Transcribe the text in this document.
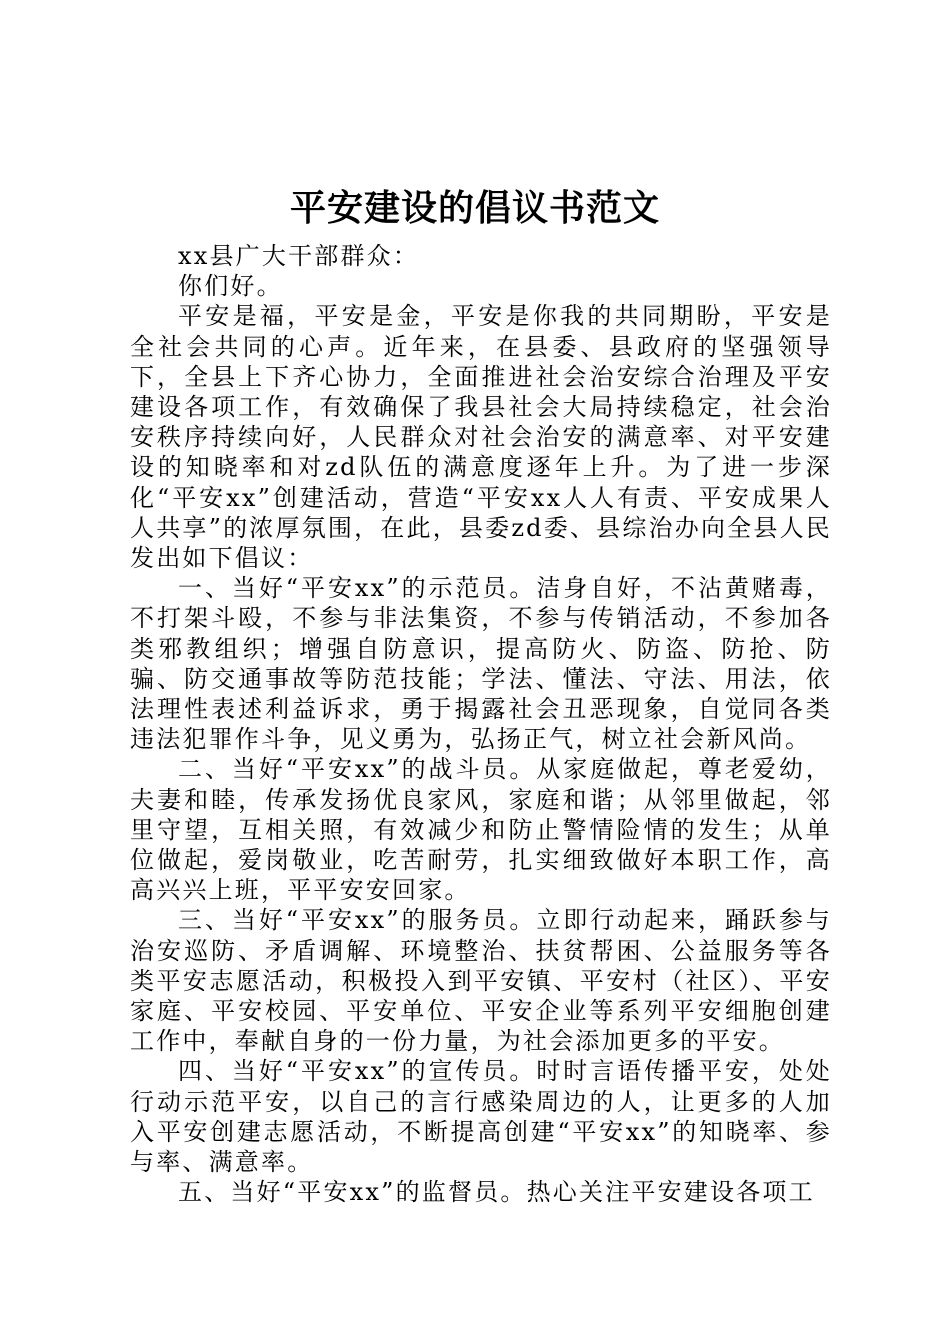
平安建设的倡议书范文

xx县广大干部群众：

你们好。

平安是福，平安是金，平安是你我的共同期盼，平安是全社会共同的心声。近年来，在县委、县政府的坚强领导下，全县上下齐心协力，全面推进社会治安综合治理及平安建设各项工作，有效确保了我县社会大局持续稳定，社会治安秩序持续向好，人民群众对社会治安的满意率、对平安建设的知晓率和对zd队伍的满意度逐年上升。为了进一步深化“平安xx”创建活动，营造“平安xx人人有责、平安成果人人共享”的浓厚氛围，在此，县委zd委、县综治办向全县人民发出如下倡议：

一、当好“平安xx”的示范员。洁身自好，不沾黄赌毒，不打架斗殴，不参与非法集资，不参与传销活动，不参加各类邪教组织；增强自防意识，提高防火、防盗、防抢、防骗、防交通事故等防范技能；学法、懂法、守法、用法，依法理性表述利益诉求，勇于揭露社会丑恶现象，自觉同各类违法犯罪作斗争，见义勇为，弘扬正气，树立社会新风尚。

二、当好“平安xx”的战斗员。从家庭做起，尊老爱幼，夫妻和睦，传承发扬优良家风，家庭和谐；从邻里做起，邻里守望，互相关照，有效减少和防止警情险情的发生；从单位做起，爱岗敬业，吃苦耐劳，扎实细致做好本职工作，高高兴兴上班，平平安安回家。

三、当好“平安xx”的服务员。立即行动起来，踊跃参与治安巡防、矛盾调解、环境整治、扶贫帮困、公益服务等各类平安志愿活动，积极投入到平安镇、平安村（社区）、平安家庭、平安校园、平安单位、平安企业等系列平安细胞创建工作中，奉献自身的一份力量，为社会添加更多的平安。

四、当好“平安xx”的宣传员。时时言语传播平安，处处行动示范平安，以自己的言行感染周边的人，让更多的人加入平安创建志愿活动，不断提高创建“平安xx”的知晓率、参与率、满意率。

五、当好“平安xx”的监督员。热心关注平安建设各项工
